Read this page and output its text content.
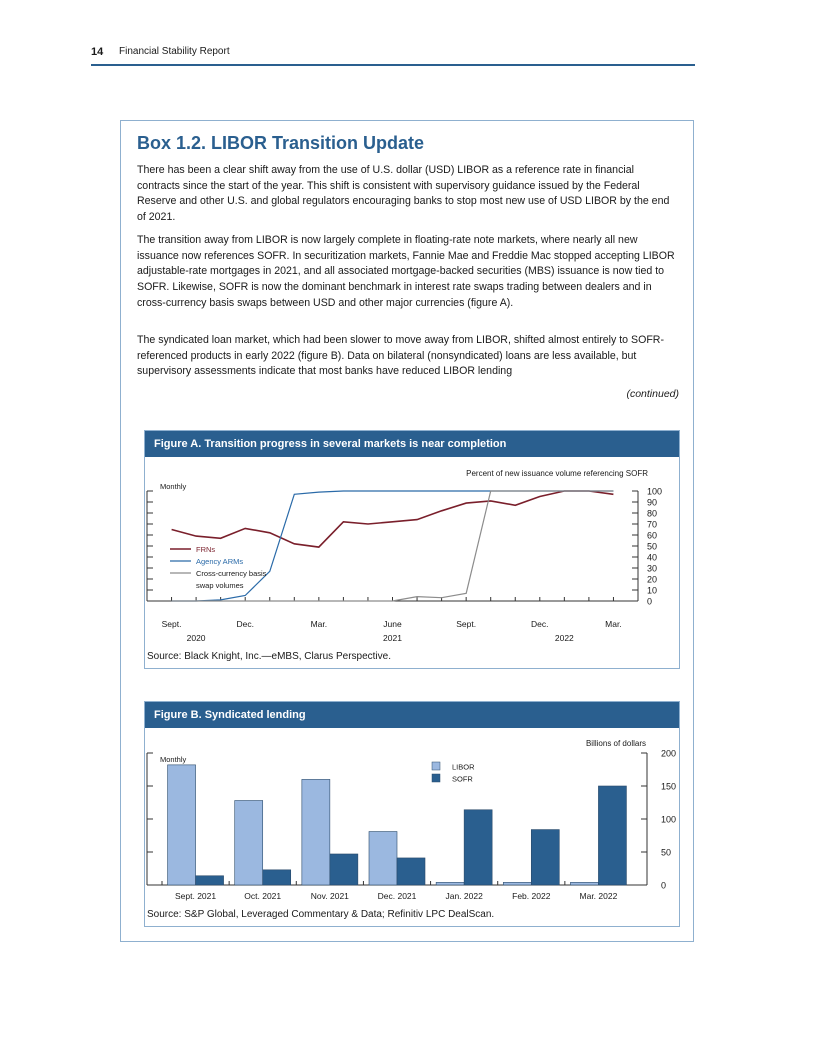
14 Financial Stability Report
Box 1.2. LIBOR Transition Update

There has been a clear shift away from the use of U.S. dollar (USD) LIBOR as a reference rate in financial contracts since the start of the year. This shift is consistent with supervisory guidance issued by the Federal Reserve and other U.S. and global regulators encouraging banks to stop most new use of USD LIBOR by the end of 2021.

The transition away from LIBOR is now largely complete in floating-rate note markets, where nearly all new issuance now references SOFR. In securitization markets, Fannie Mae and Freddie Mac stopped accepting LIBOR adjustable-rate mortgages in 2021, and all associated mortgage-backed securities (MBS) issuance is now tied to SOFR. Likewise, SOFR is now the dominant benchmark in interest rate swaps trading between dealers and in cross-currency basis swaps between USD and other major currencies (figure A).

The syndicated loan market, which had been slower to move away from LIBOR, shifted almost entirely to SOFR-referenced products in early 2022 (figure B). Data on bilateral (nonsyndicated) loans are less available, but supervisory assessments indicate that most banks have reduced LIBOR lending

(continued)
Figure A. Transition progress in several markets is near completion
100
90
80
70
60
50
40
30
20
10
0
Sept.	Dec.	Mar.	June	Sept.	Dec.	Mar.
2020	2021	2022
Monthly
Percent of new issuance volume referencing SOFR
FRNs
Agency ARMs
Cross-currency basis
swap volumes
Source: Black Knight, Inc.—eMBS, Clarus Perspective.
Figure B. Syndicated lending
200
150
100
50
0
Monthly
Billions of dollars
Sept. 2021	Oct. 2021	Nov. 2021	Dec. 2021	Jan. 2022	Feb. 2022	Mar. 2022
LIBOR
SOFR
Source: S&P Global, Leveraged Commentary & Data; Refinitiv LPC DealScan.
